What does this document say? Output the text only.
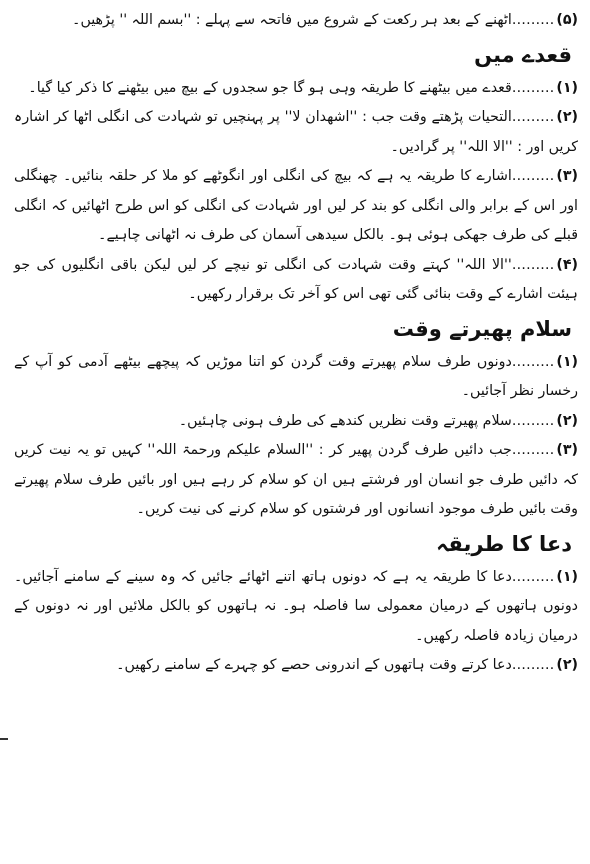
(۵)………اٹھنے کے بعد ہر رکعت کے شروع میں فاتحہ سے پہلے : ''بسم اللہ '' پڑھیں۔

قعدے میں

(۱)………قعدے میں بیٹھنے کا طریقہ وہی ہو گا جو سجدوں کے بیچ میں بیٹھنے کا ذکر کیا گیا۔

(۲)………التحیات پڑھتے وقت جب : ''اشھدان لا'' پر پہنچیں تو شہادت کی انگلی اٹھا کر اشارہ کریں اور : ''الا اللہ'' پر گرادیں۔

(۳)………اشارے کا طریقہ یہ ہے کہ بیچ کی انگلی اور انگوٹھے کو ملا کر حلقہ بنائیں۔ چھنگلی اور اس کے برابر والی انگلی کو بند کر لیں اور شہادت کی انگلی کو اس طرح اٹھائیں کہ انگلی قبلے کی طرف جھکی ہوئی ہو۔ بالکل سیدھی آسمان کی طرف نہ اٹھانی چاہیے۔

(۴)………''الا اللہ'' کہتے وقت شہادت کی انگلی تو نیچے کر لیں لیکن باقی انگلیوں کی جو ہیئت اشارے کے وقت بنائی گئی تھی اس کو آخر تک برقرار رکھیں۔

سلام پھیرتے وقت

(۱)………دونوں طرف سلام پھیرتے وقت گردن کو اتنا موڑیں کہ پیچھے بیٹھے آدمی کو آپ کے رخسار نظر آجائیں۔

(۲)………سلام پھیرتے وقت نظریں کندھے کی طرف ہونی چاہئیں۔

(۳)………جب دائیں طرف گردن پھیر کر : ''السلام علیکم ورحمۃ اللہ'' کہیں تو یہ نیت کریں کہ دائیں طرف جو انسان اور فرشتے ہیں ان کو سلام کر رہے ہیں اور بائیں طرف سلام پھیرتے وقت بائیں طرف موجود انسانوں اور فرشتوں کو سلام کرنے کی نیت کریں۔

دعا کا طریقہ

(۱)………دعا کا طریقہ یہ ہے کہ دونوں ہاتھ اتنے اٹھائے جائیں کہ وہ سینے کے سامنے آجائیں۔ دونوں ہاتھوں کے درمیان معمولی سا فاصلہ ہو۔ نہ ہاتھوں کو بالکل ملائیں اور نہ دونوں کے درمیان زیادہ فاصلہ رکھیں۔

(۲)………دعا کرتے وقت ہاتھوں کے اندرونی حصے کو چہرے کے سامنے رکھیں۔
